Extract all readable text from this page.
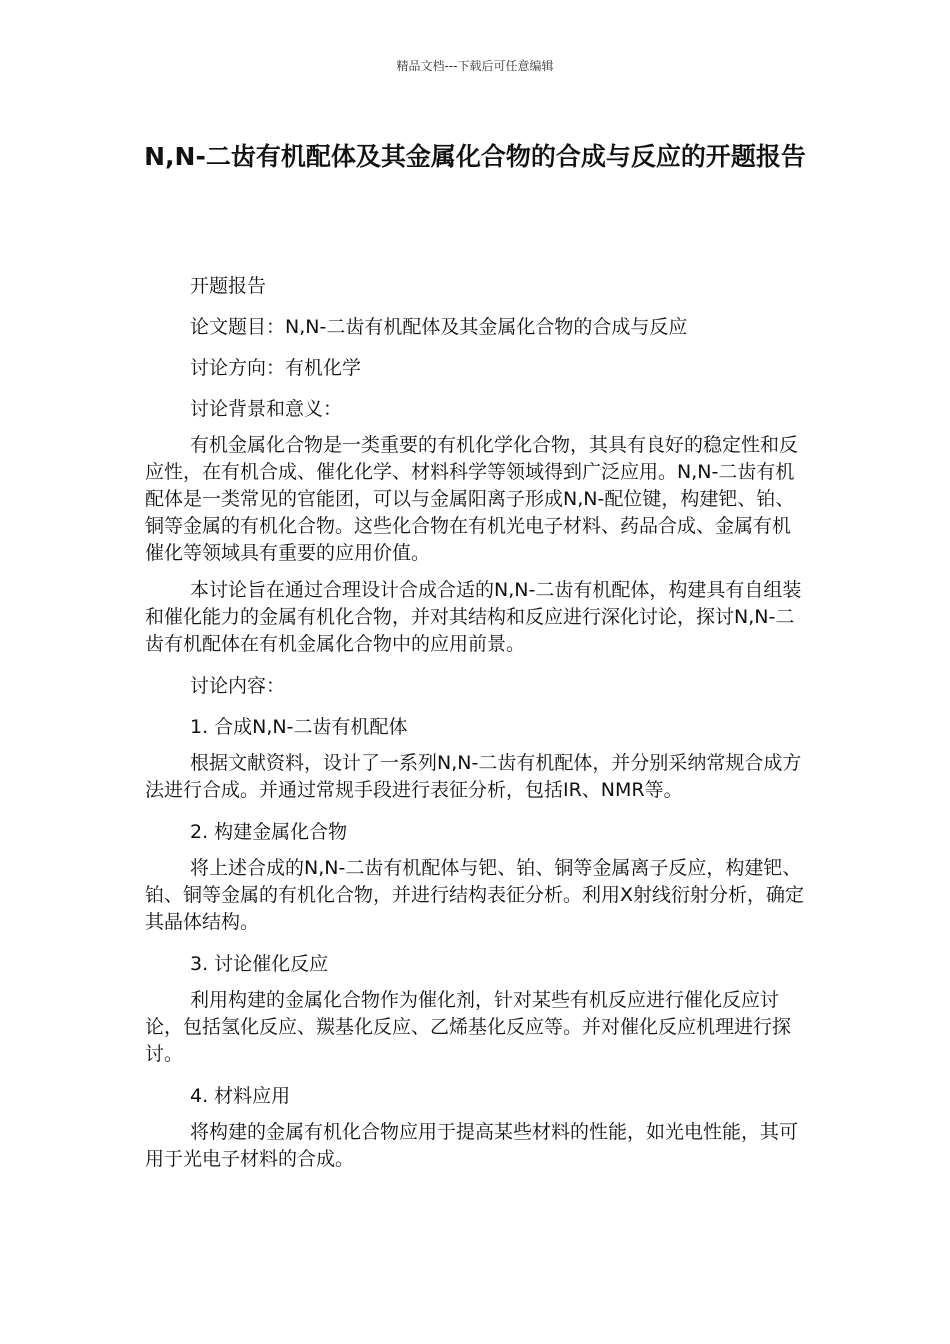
精品文档---下载后可任意编辑
N,N-二齿有机配体及其金属化合物的合成与反应的开题报告

开题报告

论文题目：N,N-二齿有机配体及其金属化合物的合成与反应

讨论方向：有机化学

讨论背景和意义：

有机金属化合物是一类重要的有机化学化合物，其具有良好的稳定性和反应性，在有机合成、催化化学、材料科学等领域得到广泛应用。N,N-二齿有机配体是一类常见的官能团，可以与金属阳离子形成N,N-配位键，构建钯、铂、铜等金属的有机化合物。这些化合物在有机光电子材料、药品合成、金属有机催化等领域具有重要的应用价值。

本讨论旨在通过合理设计合成合适的N,N-二齿有机配体，构建具有自组装和催化能力的金属有机化合物，并对其结构和反应进行深化讨论，探讨N,N-二齿有机配体在有机金属化合物中的应用前景。

讨论内容：

1. 合成N,N-二齿有机配体

根据文献资料，设计了一系列N,N-二齿有机配体，并分别采纳常规合成方法进行合成。并通过常规手段进行表征分析，包括IR、NMR等。

2. 构建金属化合物

将上述合成的N,N-二齿有机配体与钯、铂、铜等金属离子反应，构建钯、铂、铜等金属的有机化合物，并进行结构表征分析。利用X射线衍射分析，确定其晶体结构。

3. 讨论催化反应

利用构建的金属化合物作为催化剂，针对某些有机反应进行催化反应讨论，包括氢化反应、羰基化反应、乙烯基化反应等。并对催化反应机理进行探讨。

4. 材料应用

将构建的金属有机化合物应用于提高某些材料的性能，如光电性能，其可用于光电子材料的合成。
